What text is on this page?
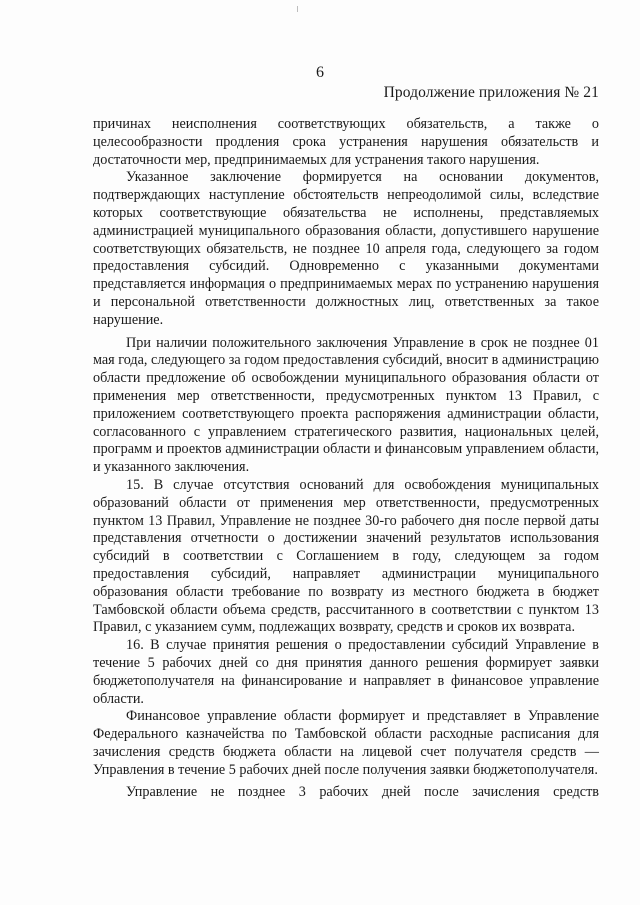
6
Продолжение приложения № 21

причинах неисполнения соответствующих обязательств, а также о целесообразности продления срока устранения нарушения обязательств и достаточности мер, предпринимаемых для устранения такого нарушения.

Указанное заключение формируется на основании документов, подтверждающих наступление обстоятельств непреодолимой силы, вследствие которых соответствующие обязательства не исполнены, представляемых администрацией муниципального образования области, допустившего нарушение соответствующих обязательств, не позднее 10 апреля года, следующего за годом предоставления субсидий. Одновременно с указанными документами представляется информация о предпринимаемых мерах по устранению нарушения и персональной ответственности должностных лиц, ответственных за такое нарушение.

При наличии положительного заключения Управление в срок не позднее 01 мая года, следующего за годом предоставления субсидий, вносит в администрацию области предложение об освобождении муниципального образования области от применения мер ответственности, предусмотренных пунктом 13 Правил, с приложением соответствующего проекта распоряжения администрации области, согласованного с управлением стратегического развития, национальных целей, программ и проектов администрации области и финансовым управлением области, и указанного заключения.

15. В случае отсутствия оснований для освобождения муниципальных образований области от применения мер ответственности, предусмотренных пунктом 13 Правил, Управление не позднее 30-го рабочего дня после первой даты представления отчетности о достижении значений результатов использования субсидий в соответствии с Соглашением в году, следующем за годом предоставления субсидий, направляет администрации муниципального образования области требование по возврату из местного бюджета в бюджет Тамбовской области объема средств, рассчитанного в соответствии с пунктом 13 Правил, с указанием сумм, подлежащих возврату, средств и сроков их возврата.

16. В случае принятия решения о предоставлении субсидий Управление в течение 5 рабочих дней со дня принятия данного решения формирует заявки бюджетополучателя на финансирование и направляет в финансовое управление области.

Финансовое управление области формирует и представляет в Управление Федерального казначейства по Тамбовской области расходные расписания для зачисления средств бюджета области на лицевой счет получателя средств — Управления в течение 5 рабочих дней после получения заявки бюджетополучателя.

Управление не позднее 3 рабочих дней после зачисления средств
